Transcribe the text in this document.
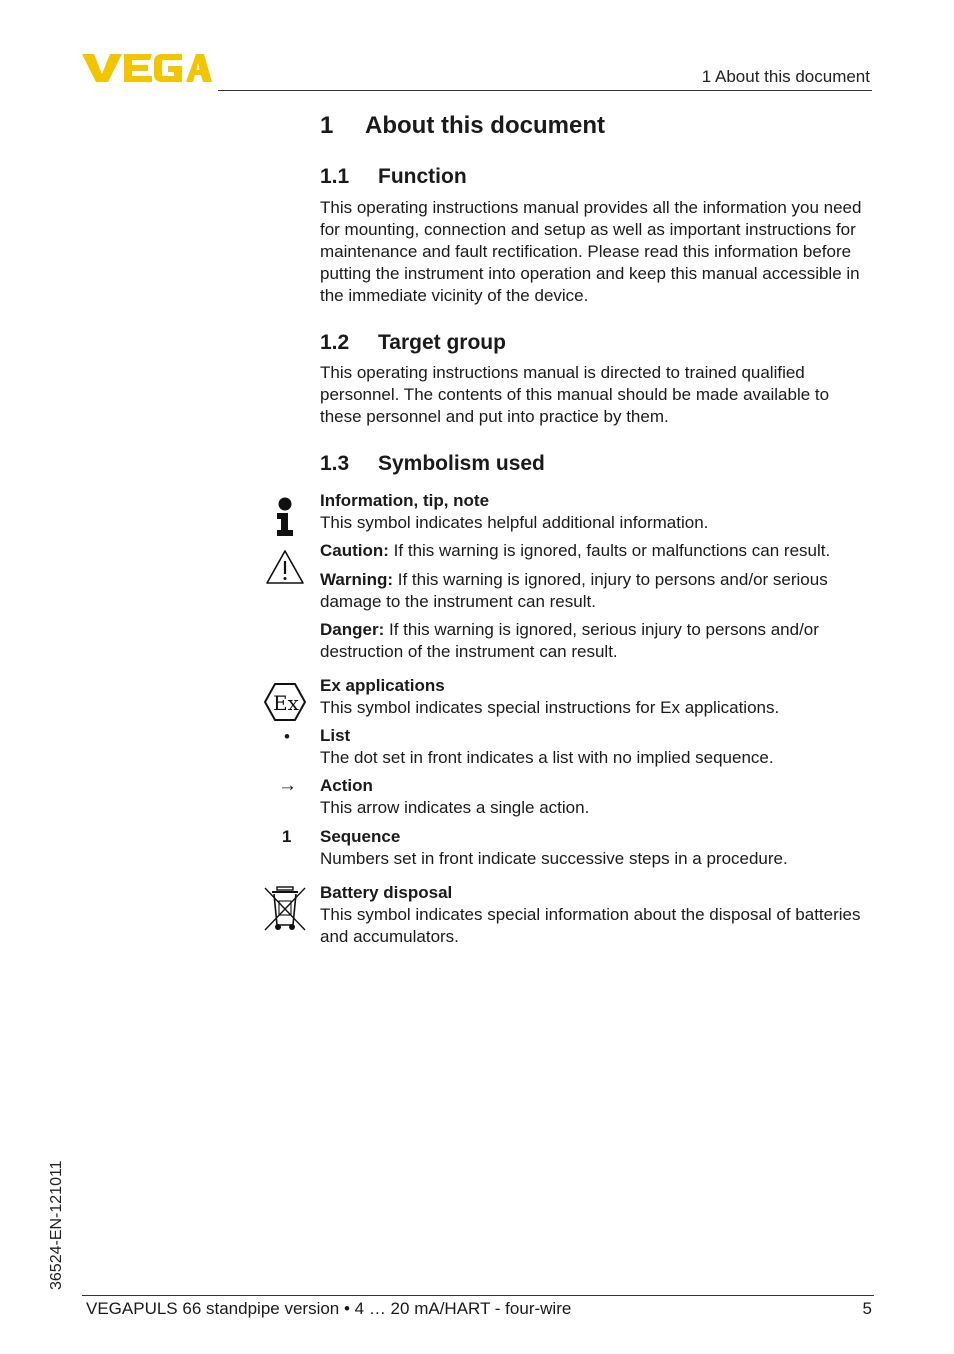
1 About this document
1 About this document
1.1 Function

This operating instructions manual provides all the information you need for mounting, connection and setup as well as important instructions for maintenance and fault rectification. Please read this information before putting the instrument into operation and keep this manual accessible in the immediate vicinity of the device.

1.2 Target group

This operating instructions manual is directed to trained qualified personnel. The contents of this manual should be made available to these personnel and put into practice by them.

1.3 Symbolism used

Information, tip, note

This symbol indicates helpful additional information.

Caution: If this warning is ignored, faults or malfunctions can result.

Warning: If this warning is ignored, injury to persons and/or serious damage to the instrument can result.

Danger: If this warning is ignored, serious injury to persons and/or destruction of the instrument can result.

Ex

Ex applications

This symbol indicates special instructions for Ex applications.

• List

The dot set in front indicates a list with no implied sequence.

→	Action

This arrow indicates a single action.

1 Sequence

Numbers set in front indicate successive steps in a procedure.

Battery disposal

This symbol indicates special information about the disposal of batteries and accumulators.

36524-EN-121011
VEGAPULS 66 standpipe version • 4 … 20 mA/HART - four-wire	5
